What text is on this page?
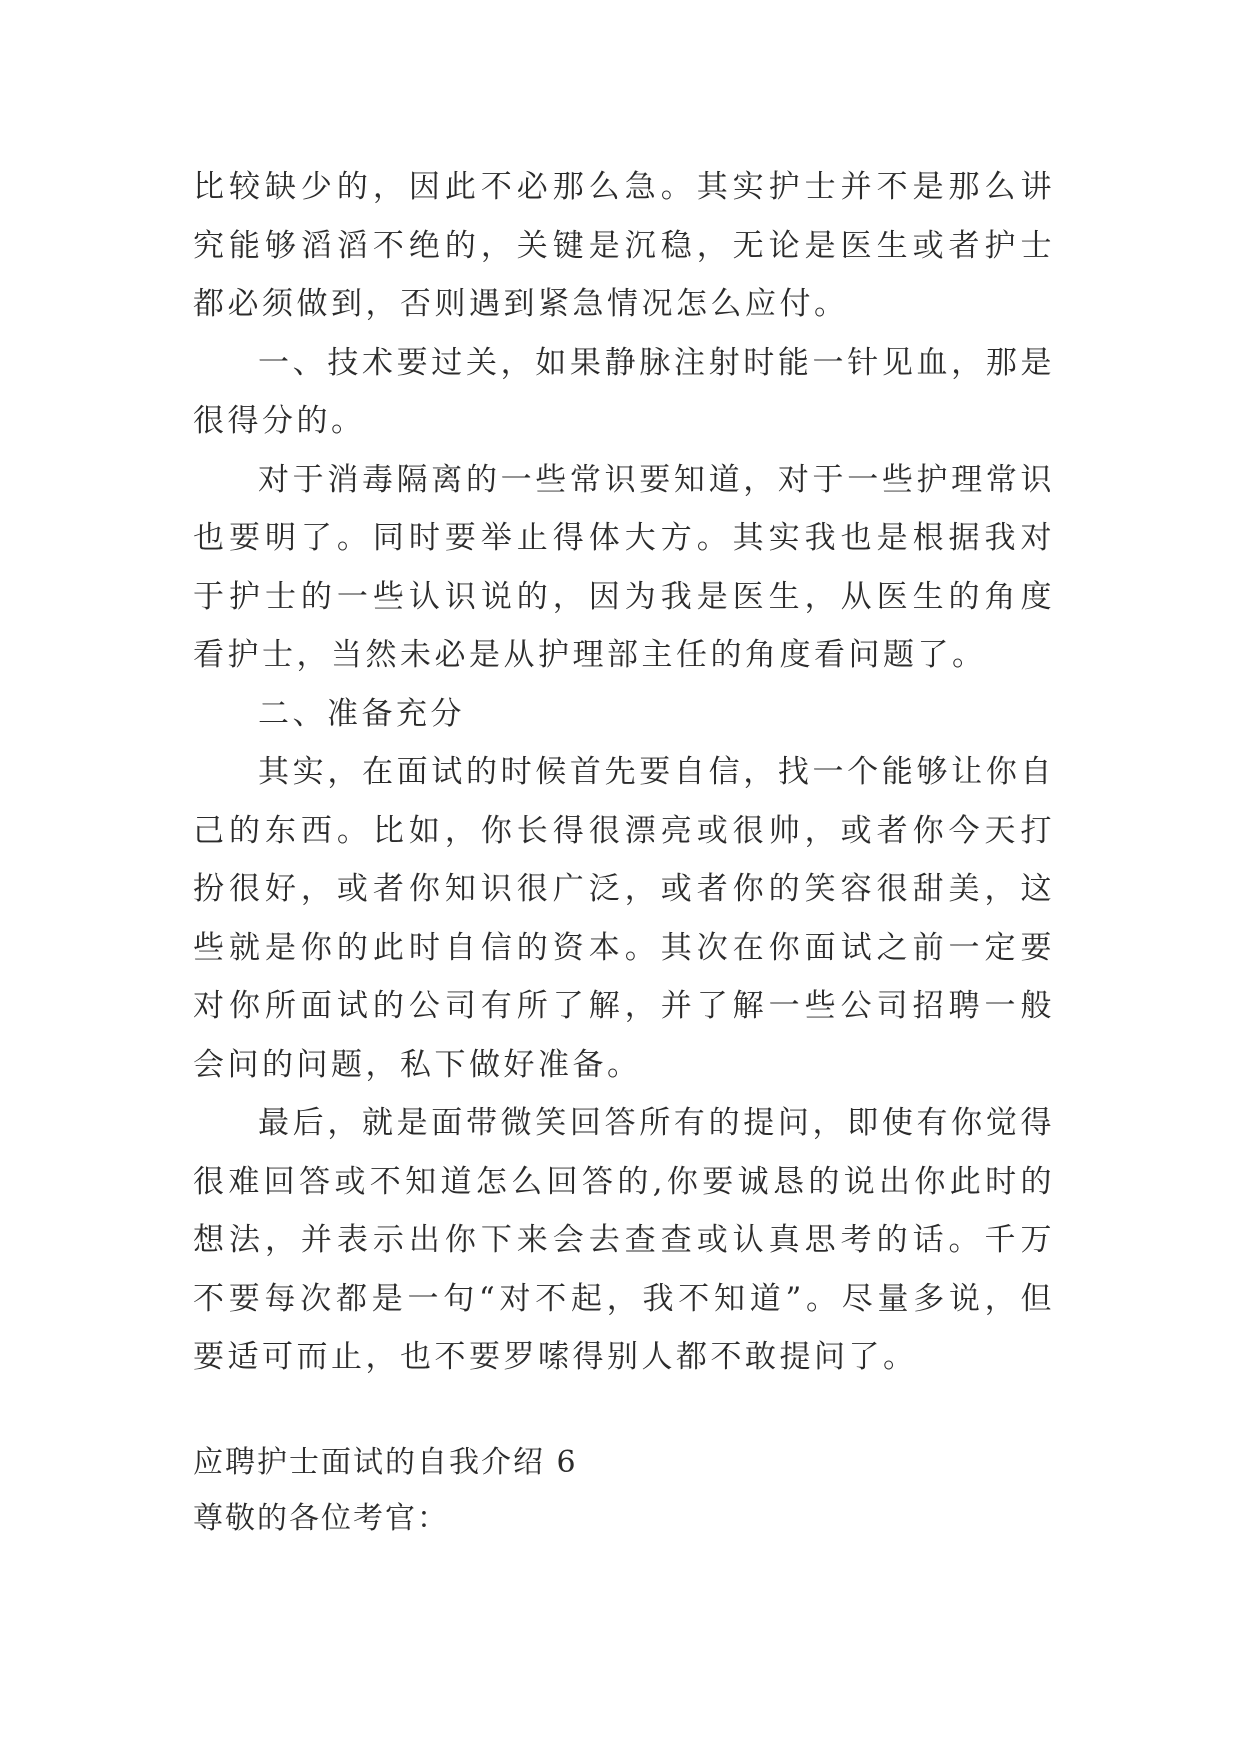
比较缺少的，因此不必那么急。其实护士并不是那么讲究能够滔滔不绝的，关键是沉稳，无论是医生或者护士都必须做到，否则遇到紧急情况怎么应付。

一、技术要过关，如果静脉注射时能一针见血，那是很得分的。

对于消毒隔离的一些常识要知道，对于一些护理常识也要明了。同时要举止得体大方。其实我也是根据我对于护士的一些认识说的，因为我是医生，从医生的角度看护士，当然未必是从护理部主任的角度看问题了。

二、准备充分

其实，在面试的时候首先要自信，找一个能够让你自己的东西。比如，你长得很漂亮或很帅，或者你今天打扮很好，或者你知识很广泛，或者你的笑容很甜美，这些就是你的此时自信的资本。其次在你面试之前一定要对你所面试的公司有所了解，并了解一些公司招聘一般会问的问题，私下做好准备。

最后，就是面带微笑回答所有的提问，即使有你觉得很难回答或不知道怎么回答的,你要诚恳的说出你此时的想法，并表示出你下来会去查查或认真思考的话。千万不要每次都是一句“对不起，我不知道”。尽量多说，但要适可而止，也不要罗嗦得别人都不敢提问了。

应聘护士面试的自我介绍 6

尊敬的各位考官：
